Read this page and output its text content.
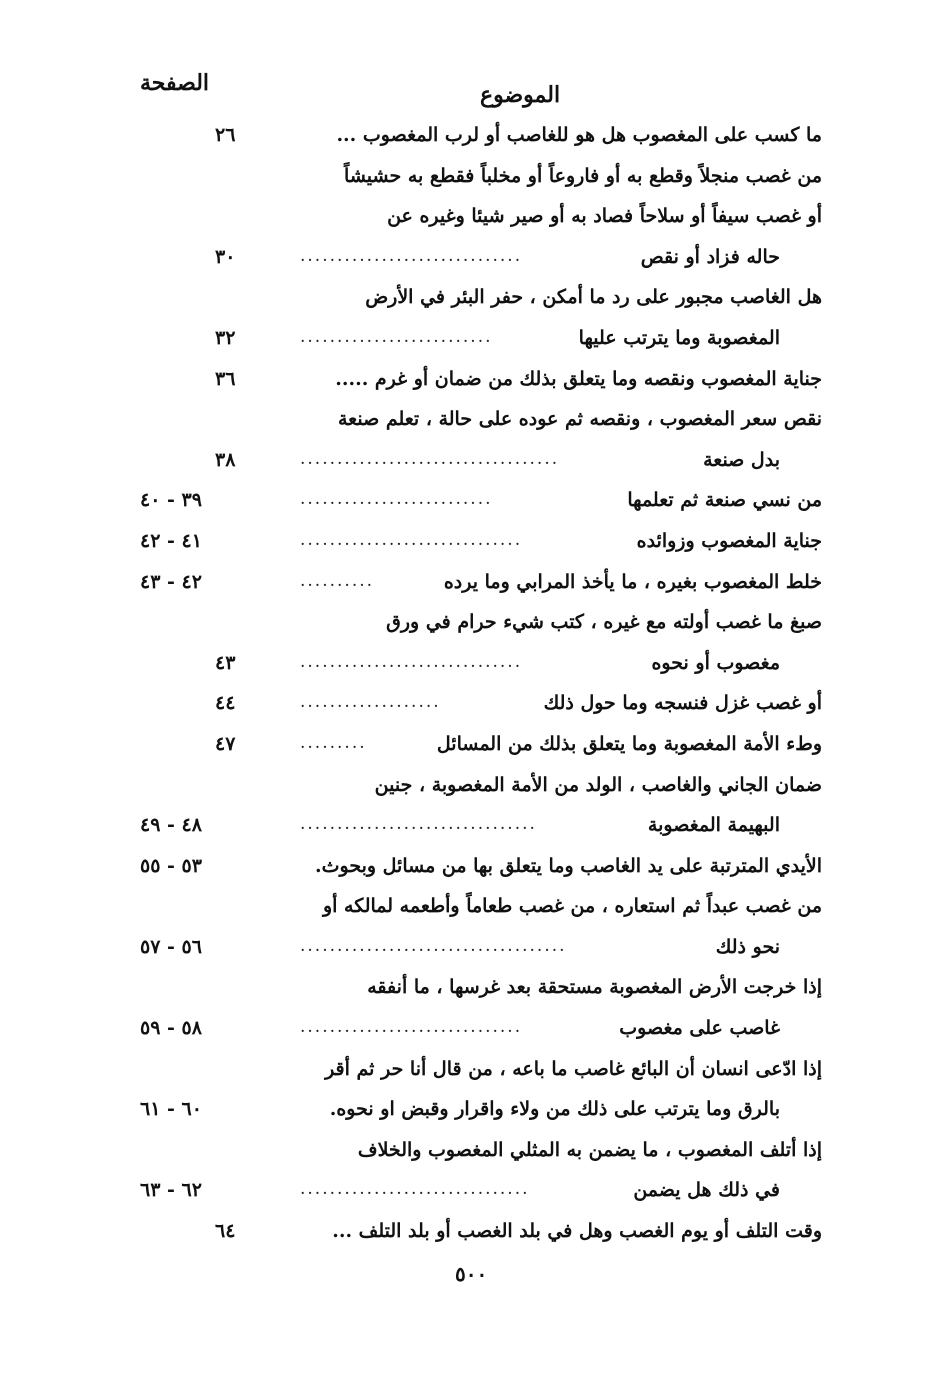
الصفحة	الموضوع
ما كسب على المغصوب هل هو للغاصب أو لرب المغصوب ...
٢٦
من غصب منجلاً وقطع به أو فاروعاً أو مخلباً فقطع به حشيشاً
أو غصب سيفاً أو سلاحاً فصاد به أو صير شيئا وغيره عن
حاله فزاد أو نقص
..............................
٣٠
هل الغاصب مجبور على رد ما أمكن ، حفر البئر في الأرض
المغصوبة وما يترتب عليها
..........................
٣٢
جناية المغصوب ونقصه وما يتعلق بذلك من ضمان أو غرم .....
٣٦
نقص سعر المغصوب ، ونقصه ثم عوده على حالة ، تعلم صنعة
بدل صنعة
...................................
٣٨
من نسي صنعة ثم تعلمها
..........................
٣٩ - ٤٠
جناية المغصوب وزوائده
..............................
٤١ - ٤٢
خلط المغصوب بغيره ، ما يأخذ المرابي وما يرده
..........
٤٢ - ٤٣
صبغ ما غصب أولته مع غيره ، كتب شيء حرام في ورق
مغصوب أو نحوه
..............................
٤٣
أو غصب غزل فنسجه وما حول ذلك
...................
٤٤
وطء الأمة المغصوبة وما يتعلق بذلك من المسائل
.........
٤٧
ضمان الجاني والغاصب ، الولد من الأمة المغصوبة ، جنين
البهيمة المغصوبة
................................
٤٨ - ٤٩
الأيدي المترتبة على يد الغاصب وما يتعلق بها من مسائل وبحوث.
٥٣ - ٥٥
من غصب عبداً ثم استعاره ، من غصب طعاماً وأطعمه لمالكه أو
نحو ذلك
....................................
٥٦ - ٥٧
إذا خرجت الأرض المغصوبة مستحقة بعد غرسها ، ما أنفقه
غاصب على مغصوب
..............................
٥٨ - ٥٩
إذا ادّعى انسان أن البائع غاصب ما باعه ، من قال أنا حر ثم أقر
بالرق وما يترتب على ذلك من ولاء واقرار وقبض او نحوه.
٦٠ - ٦١
إذا أتلف المغصوب ، ما يضمن به المثلي المغصوب والخلاف
في ذلك هل يضمن
...............................
٦٢ - ٦٣
وقت التلف أو يوم الغصب وهل في بلد الغصب أو بلد التلف ...
٦٤
٥٠٠
